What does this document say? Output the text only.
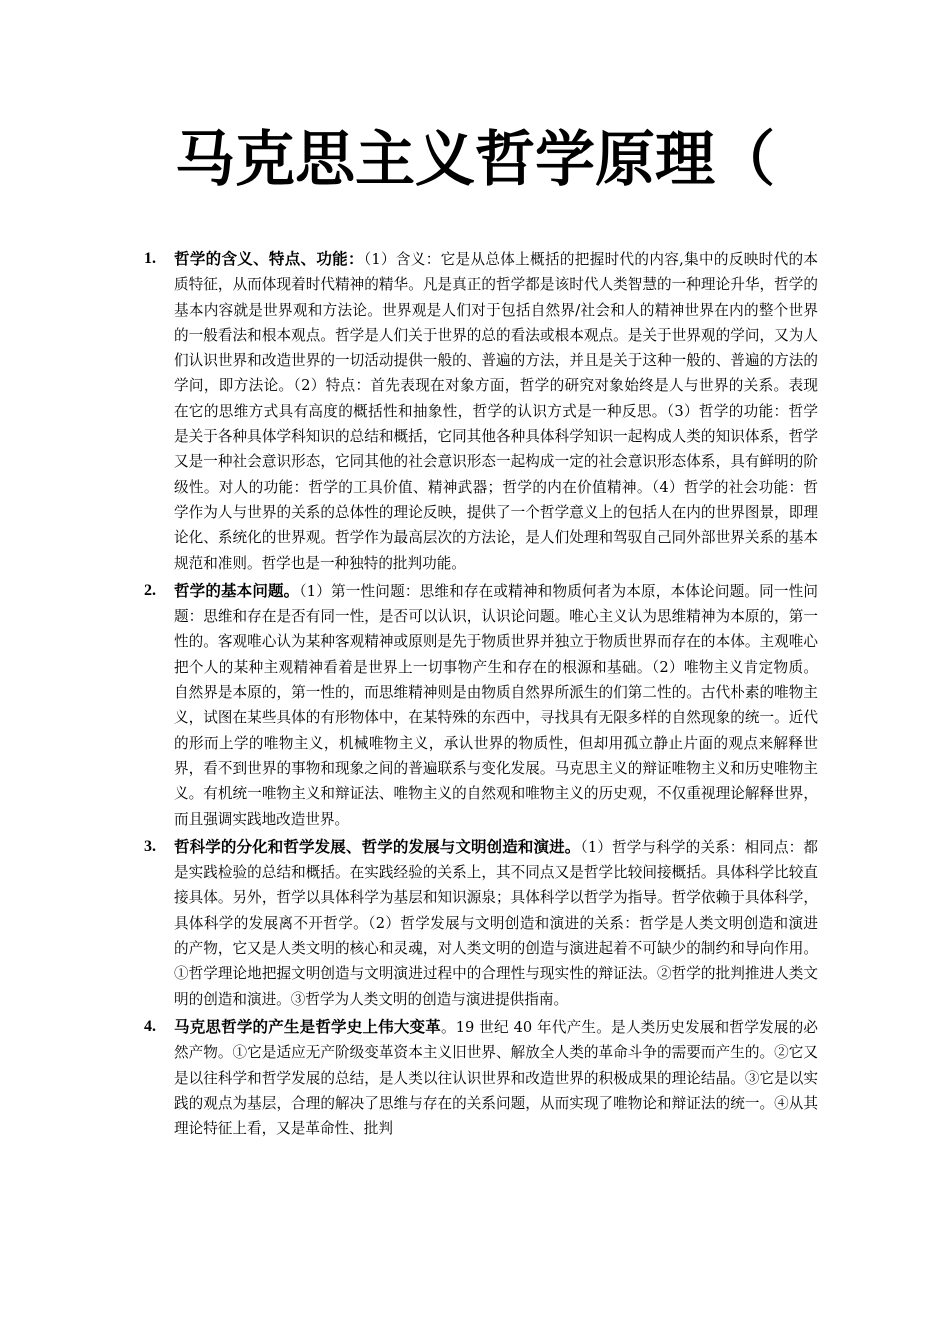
马克思主义哲学原理（
1. 哲学的含义、特点、功能：（1）含义：它是从总体上概括的把握时代的内容,集中的反映时代的本质特征，从而体现着时代精神的精华。凡是真正的哲学都是该时代人类智慧的一种理论升华，哲学的基本内容就是世界观和方法论。世界观是人们对于包括自然界/社会和人的精神世界在内的整个世界的一般看法和根本观点。哲学是人们关于世界的总的看法或根本观点。是关于世界观的学问，又为人们认识世界和改造世界的一切活动提供一般的、普遍的方法，并且是关于这种一般的、普遍的方法的学问，即方法论。（2）特点：首先表现在对象方面，哲学的研究对象始终是人与世界的关系。表现在它的思维方式具有高度的概括性和抽象性，哲学的认识方式是一种反思。（3）哲学的功能：哲学是关于各种具体学科知识的总结和概括，它同其他各种具体科学知识一起构成人类的知识体系，哲学又是一种社会意识形态，它同其他的社会意识形态一起构成一定的社会意识形态体系，具有鲜明的阶级性。对人的功能：哲学的工具价值、精神武器；哲学的内在价值精神。（4）哲学的社会功能：哲学作为人与世界的关系的总体性的理论反映，提供了一个哲学意义上的包括人在内的世界图景，即理论化、系统化的世界观。哲学作为最高层次的方法论，是人们处理和驾驭自己同外部世界关系的基本规范和准则。哲学也是一种独特的批判功能。
2. 哲学的基本问题。（1）第一性问题：思维和存在或精神和物质何者为本原，本体论问题。同一性问题：思维和存在是否有同一性，是否可以认识，认识论问题。唯心主义认为思维精神为本原的，第一性的。客观唯心认为某种客观精神或原则是先于物质世界并独立于物质世界而存在的本体。主观唯心把个人的某种主观精神看着是世界上一切事物产生和存在的根源和基础。（2）唯物主义肯定物质。自然界是本原的，第一性的，而思维精神则是由物质自然界所派生的们第二性的。古代朴素的唯物主义，试图在某些具体的有形物体中，在某特殊的东西中，寻找具有无限多样的自然现象的统一。近代的形而上学的唯物主义，机械唯物主义，承认世界的物质性，但却用孤立静止片面的观点来解释世界，看不到世界的事物和现象之间的普遍联系与变化发展。马克思主义的辩证唯物主义和历史唯物主义。有机统一唯物主义和辩证法、唯物主义的自然观和唯物主义的历史观，不仅重视理论解释世界，而且强调实践地改造世界。
3. 哲科学的分化和哲学发展、哲学的发展与文明创造和演进。（1）哲学与科学的关系：相同点：都是实践检验的总结和概括。在实践经验的关系上，其不同点又是哲学比较间接概括。具体科学比较直接具体。另外，哲学以具体科学为基层和知识源泉；具体科学以哲学为指导。哲学依赖于具体科学，具体科学的发展离不开哲学。（2）哲学发展与文明创造和演进的关系：哲学是人类文明创造和演进的产物，它又是人类文明的核心和灵魂，对人类文明的创造与演进起着不可缺少的制约和导向作用。①哲学理论地把握文明创造与文明演进过程中的合理性与现实性的辩证法。②哲学的批判推进人类文明的创造和演进。③哲学为人类文明的创造与演进提供指南。
4. 马克思哲学的产生是哲学史上伟大变革。19 世纪 40 年代产生。是人类历史发展和哲学发展的必然产物。①它是适应无产阶级变革资本主义旧世界、解放全人类的革命斗争的需要而产生的。②它又是以往科学和哲学发展的总结，是人类以往认识世界和改造世界的积极成果的理论结晶。③它是以实践的观点为基层，合理的解决了思维与存在的关系问题，从而实现了唯物论和辩证法的统一。④从其理论特征上看，又是革命性、批判
